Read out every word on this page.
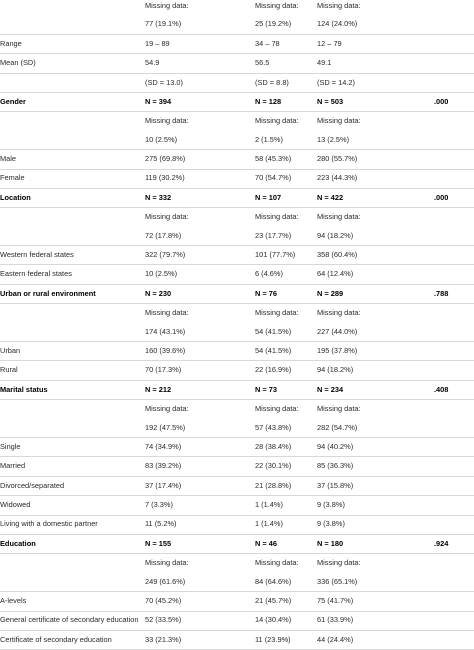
	Missing data:	Missing data:	Missing data:	
	77 (19.1%)	25 (19.2%)	124 (24.0%)	
Range	19 – 89	34 – 78	12 – 79	
Mean (SD)	54.9	56.5	49.1	
	(SD = 13.0)	(SD = 8.8)	(SD = 14.2)	
Gender	N = 394	N = 128	N = 503	.000
	Missing data:	Missing data:	Missing data:	
	10 (2.5%)	2 (1.5%)	13 (2.5%)	
Male	275 (69.8%)	58 (45.3%)	280 (55.7%)	
Female	119 (30.2%)	70 (54.7%)	223 (44.3%)	
Location	N = 332	N = 107	N = 422	.000
	Missing data:	Missing data:	Missing data:	
	72 (17.8%)	23 (17.7%)	94 (18.2%)	
Western federal states	322 (79.7%)	101 (77.7%)	358 (60.4%)	
Eastern federal states	10 (2.5%)	6 (4.6%)	64 (12.4%)	
Urban or rural environment	N = 230	N = 76	N = 289	.788
	Missing data:	Missing data:	Missing data:	
	174 (43.1%)	54 (41.5%)	227 (44.0%)	
Urban	160 (39.6%)	54 (41.5%)	195 (37.8%)	
Rural	70 (17.3%)	22 (16.9%)	94 (18.2%)	
Marital status	N = 212	N = 73	N = 234	.408
	Missing data:	Missing data:	Missing data:	
	192 (47.5%)	57 (43.8%)	282 (54.7%)	
Single	74 (34.9%)	28 (38.4%)	94 (40.2%)	
Married	83 (39.2%)	22 (30.1%)	85 (36.3%)	
Divorced/separated	37 (17.4%)	21 (28.8%)	37 (15.8%)	
Widowed	7 (3.3%)	1 (1.4%)	9 (3.8%)	
Living with a domestic partner	11 (5.2%)	1 (1.4%)	9 (3.8%)	
Education	N = 155	N = 46	N = 180	.924
	Missing data:	Missing data:	Missing data:	
	249 (61.6%)	84 (64.6%)	336 (65.1%)	
A-levels	70 (45.2%)	21 (45.7%)	75 (41.7%)	
General certificate of secondary education	52 (33.5%)	14 (30.4%)	61 (33.9%)	
Certificate of secondary education	33 (21.3%)	11 (23.9%)	44 (24.4%)	
